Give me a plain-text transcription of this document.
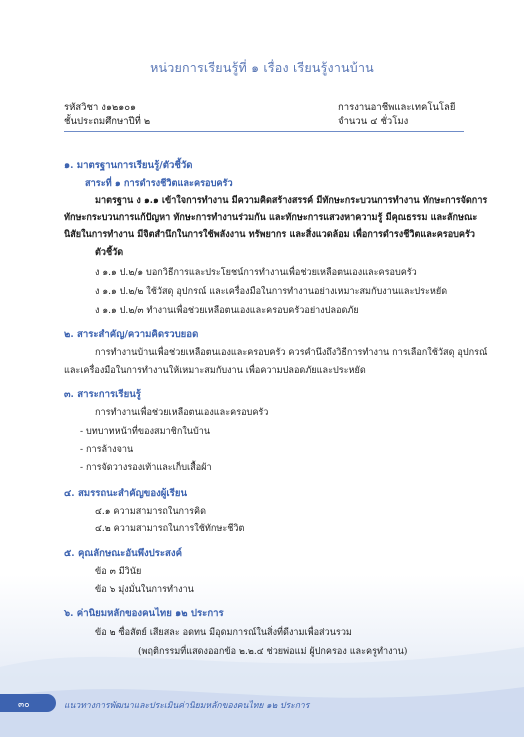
หน่วยการเรียนรู้ที่ ๑ เรื่อง เรียนรู้งานบ้าน
รหัสวิชา ง๑๒๑๐๑
ชั้นประถมศึกษาปีที่ ๒
การงานอาชีพและเทคโนโลยี
จำนวน ๔ ชั่วโมง
๑. มาตรฐานการเรียนรู้/ตัวชี้วัด
สาระที่ ๑ การดำรงชีวิตและครอบครัว
มาตรฐาน ง ๑.๑ เข้าใจการทำงาน มีความคิดสร้างสรรค์ มีทักษะกระบวนการทำงาน ทักษะการจัดการ
ทักษะกระบวนการแก้ปัญหา ทักษะการทำงานร่วมกัน และทักษะการแสวงหาความรู้ มีคุณธรรม และลักษณะ
นิสัยในการทำงาน มีจิตสำนึกในการใช้พลังงาน ทรัพยากร และสิ่งแวดล้อม เพื่อการดำรงชีวิตและครอบครัว
ตัวชี้วัด
ง ๑.๑ ป.๒/๑ บอกวิธีการและประโยชน์การทำงานเพื่อช่วยเหลือตนเองและครอบครัว
ง ๑.๑ ป.๒/๒ ใช้วัสดุ อุปกรณ์ และเครื่องมือในการทำงานอย่างเหมาะสมกับงานและประหยัด
ง ๑.๑ ป.๒/๓ ทำงานเพื่อช่วยเหลือตนเองและครอบครัวอย่างปลอดภัย
๒. สาระสำคัญ/ความคิดรวบยอด
การทำงานบ้านเพื่อช่วยเหลือตนเองและครอบครัว ควรคำนึงถึงวิธีการทำงาน การเลือกใช้วัสดุ อุปกรณ์
และเครื่องมือในการทำงานให้เหมาะสมกับงาน เพื่อความปลอดภัยและประหยัด
๓. สาระการเรียนรู้
การทำงานเพื่อช่วยเหลือตนเองและครอบครัว
- บทบาทหน้าที่ของสมาชิกในบ้าน
- การล้างจาน
- การจัดวางรองเท้าและเก็บเสื้อผ้า
๔. สมรรถนะสำคัญของผู้เรียน
๔.๑ ความสามารถในการคิด
๔.๒ ความสามารถในการใช้ทักษะชีวิต
๕. คุณลักษณะอันพึงประสงค์
ข้อ ๓ มีวินัย
ข้อ ๖ มุ่งมั่นในการทำงาน
๖. ค่านิยมหลักของคนไทย ๑๒ ประการ
ข้อ ๒ ซื่อสัตย์ เสียสละ อดทน มีอุดมการณ์ในสิ่งที่ดีงามเพื่อส่วนรวม
(พฤติกรรมที่แสดงออกข้อ ๒.๒.๔ ช่วยพ่อแม่ ผู้ปกครอง และครูทำงาน)
๓๐	แนวทางการพัฒนาและประเมินค่านิยมหลักของคนไทย ๑๒ ประการ
